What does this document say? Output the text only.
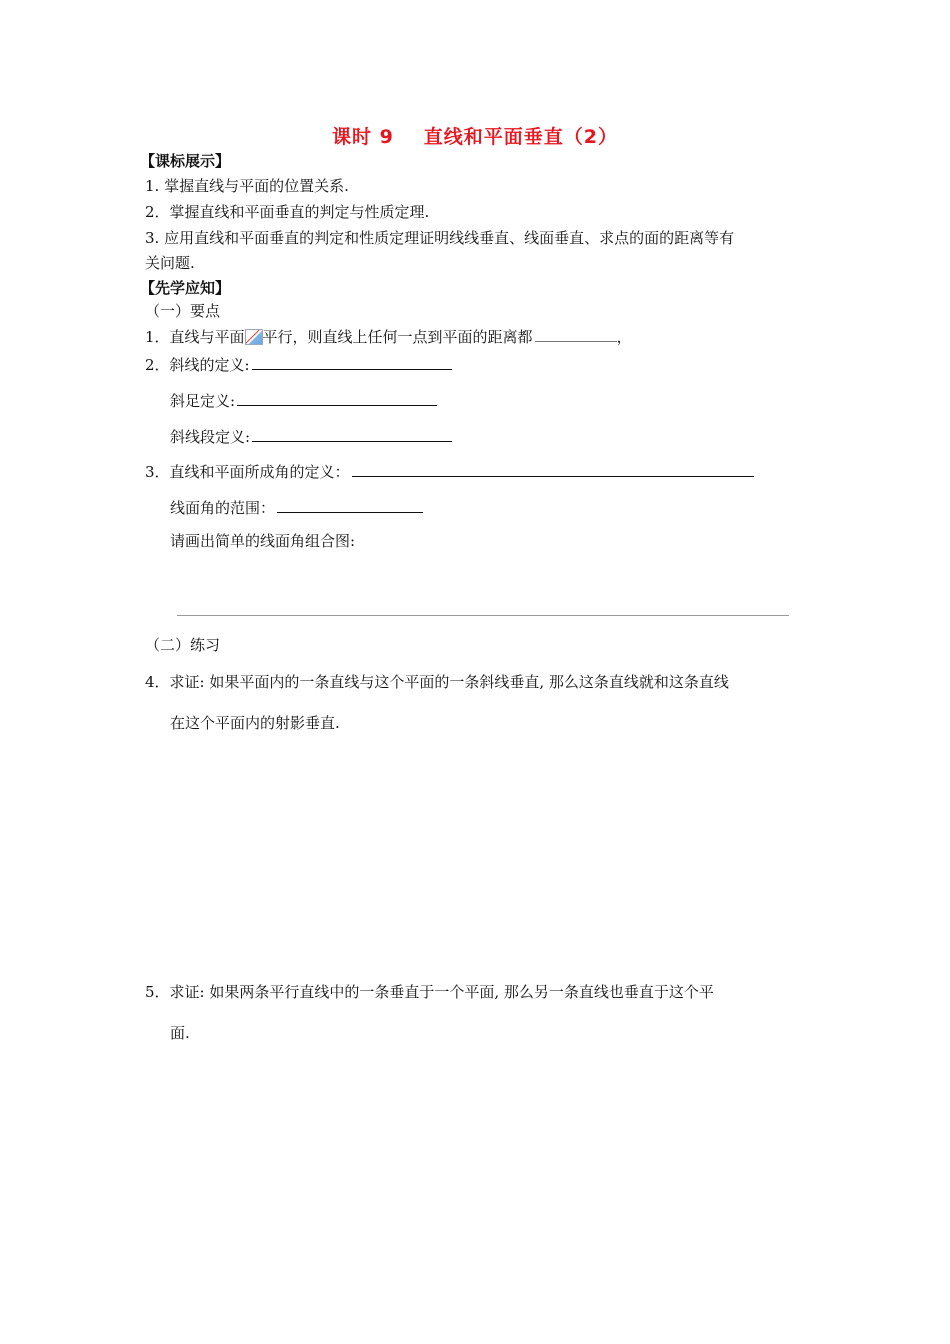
课时 9 直线和平面垂直（2）
【课标展示】
1. 掌握直线与平面的位置关系.
2．掌握直线和平面垂直的判定与性质定理.
3. 应用直线和平面垂直的判定和性质定理证明线线垂直、线面垂直、求点的面的距离等有
关问题.
【先学应知】
（一）要点
1．直线与平面 平行，则直线上任何一点到平面的距离都	，
2．斜线的定义:
斜足定义:
斜线段定义:
3．直线和平面所成角的定义：
线面角的范围：
请画出简单的线面角组合图:
（二）练习
4．求证: 如果平面内的一条直线与这个平面的一条斜线垂直, 那么这条直线就和这条直线
在这个平面内的射影垂直.
5．求证: 如果两条平行直线中的一条垂直于一个平面, 那么另一条直线也垂直于这个平
面.
